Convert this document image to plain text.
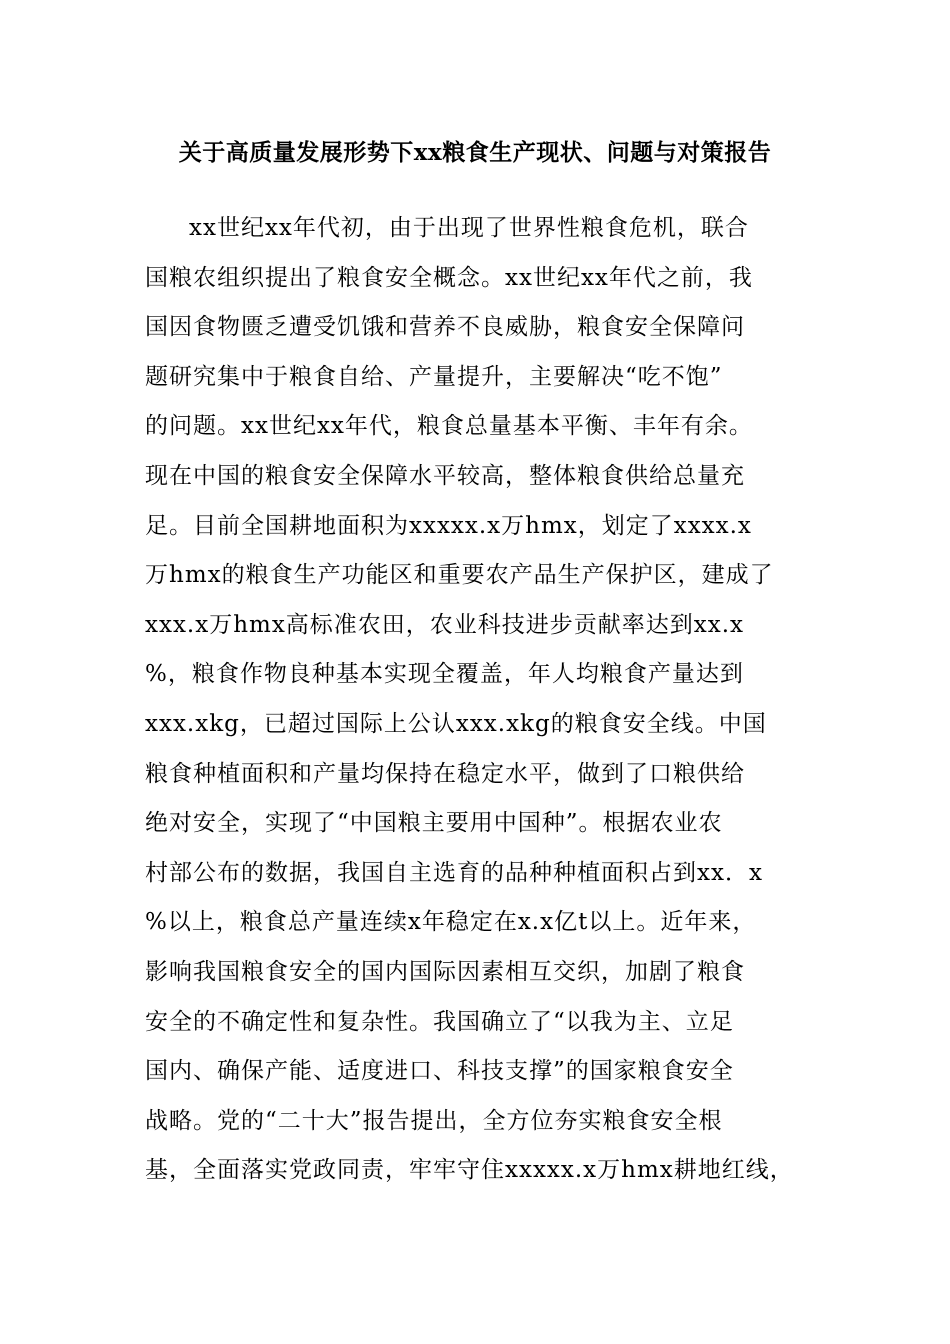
关于高质量发展形势下xx粮食生产现状、问题与对策报告
xx世纪xx年代初，由于出现了世界性粮食危机，联合
国粮农组织提出了粮食安全概念。xx世纪xx年代之前，我
国因食物匮乏遭受饥饿和营养不良威胁，粮食安全保障问
题研究集中于粮食自给、产量提升，主要解决“吃不饱”
的问题。xx世纪xx年代，粮食总量基本平衡、丰年有余。
现在中国的粮食安全保障水平较高，整体粮食供给总量充
足。目前全国耕地面积为xxxxx.x万hmx，划定了xxxx.x
万hmx的粮食生产功能区和重要农产品生产保护区，建成了
xxx.x万hmx高标准农田，农业科技进步贡献率达到xx.x
%，粮食作物良种基本实现全覆盖，年人均粮食产量达到
xxx.xkg，已超过国际上公认xxx.xkg的粮食安全线。中国
粮食种植面积和产量均保持在稳定水平，做到了口粮供给
绝对安全，实现了“中国粮主要用中国种”。根据农业农
村部公布的数据，我国自主选育的品种种植面积占到xx．x
%以上，粮食总产量连续x年稳定在x.x亿t以上。近年来，
影响我国粮食安全的国内国际因素相互交织，加剧了粮食
安全的不确定性和复杂性。我国确立了“以我为主、立足
国内、确保产能、适度进口、科技支撑”的国家粮食安全
战略。党的“二十大”报告提出，全方位夯实粮食安全根
基，全面落实党政同责，牢牢守住xxxxx.x万hmx耕地红线，
